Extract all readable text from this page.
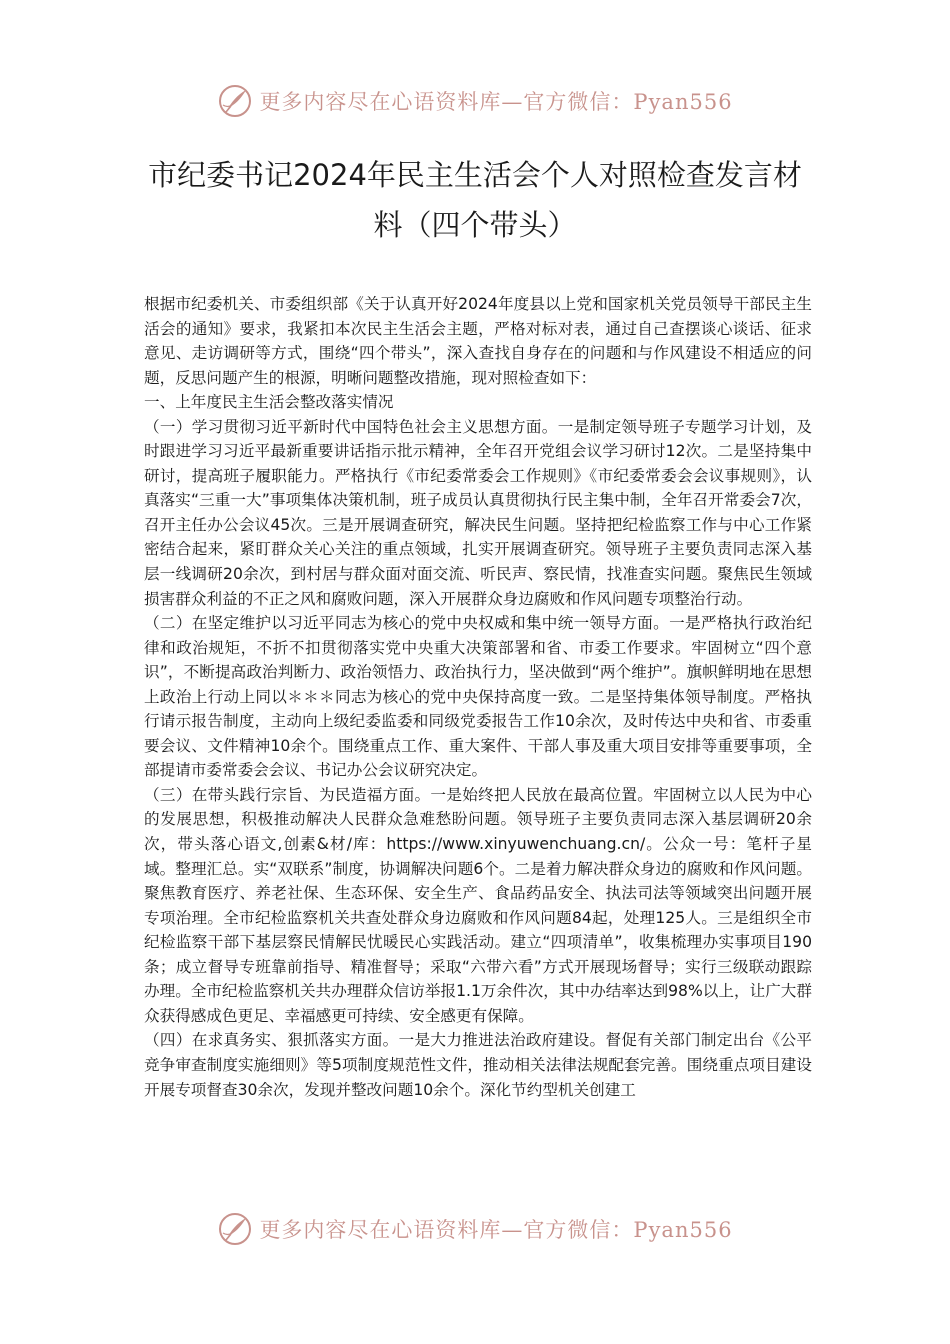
更多内容尽在心语资料库—官方微信：Pyan556
市纪委书记2024年民主生活会个人对照检查发言材料（四个带头）

根据市纪委机关、市委组织部《关于认真开好2024年度县以上党和国家机关党员领导干部民主生活会的通知》要求，我紧扣本次民主生活会主题，严格对标对表，通过自己查摆谈心谈话、征求意见、走访调研等方式，围绕“四个带头”，深入查找自身存在的问题和与作风建设不相适应的问题，反思问题产生的根源，明晰问题整改措施，现对照检查如下：

一、上年度民主生活会整改落实情况

（一）学习贯彻习近平新时代中国特色社会主义思想方面。一是制定领导班子专题学习计划，及时跟进学习习近平最新重要讲话指示批示精神，全年召开党组会议学习研讨12次。二是坚持集中研讨，提高班子履职能力。严格执行《市纪委常委会工作规则》《市纪委常委会会议事规则》，认真落实“三重一大”事项集体决策机制，班子成员认真贯彻执行民主集中制，全年召开常委会7次，召开主任办公会议45次。三是开展调查研究，解决民生问题。坚持把纪检监察工作与中心工作紧密结合起来，紧盯群众关心关注的重点领域，扎实开展调查研究。领导班子主要负责同志深入基层一线调研20余次，到村居与群众面对面交流、听民声、察民情，找准查实问题。聚焦民生领域损害群众利益的不正之风和腐败问题，深入开展群众身边腐败和作风问题专项整治行动。

（二）在坚定维护以习近平同志为核心的党中央权威和集中统一领导方面。一是严格执行政治纪律和政治规矩，不折不扣贯彻落实党中央重大决策部署和省、市委工作要求。牢固树立“四个意识”，不断提高政治判断力、政治领悟力、政治执行力，坚决做到“两个维护”。旗帜鲜明地在思想上政治上行动上同以＊＊＊同志为核心的党中央保持高度一致。二是坚持集体领导制度。严格执行请示报告制度，主动向上级纪委监委和同级党委报告工作10余次，及时传达中央和省、市委重要会议、文件精神10余个。围绕重点工作、重大案件、干部人事及重大项目安排等重要事项，全部提请市委常委会会议、书记办公会议研究决定。

（三）在带头践行宗旨、为民造福方面。一是始终把人民放在最高位置。牢固树立以人民为中心的发展思想，积极推动解决人民群众急难愁盼问题。领导班子主要负责同志深入基层调研20余次，带头落心语文,创素&材/库：https://www.xinyuwenchuang.cn/。公众一号：笔杆子星域。整理汇总。实“双联系”制度，协调解决问题6个。二是着力解决群众身边的腐败和作风问题。聚焦教育医疗、养老社保、生态环保、安全生产、食品药品安全、执法司法等领域突出问题开展专项治理。全市纪检监察机关共查处群众身边腐败和作风问题84起，处理125人。三是组织全市纪检监察干部下基层察民情解民忧暖民心实践活动。建立“四项清单”，收集梳理办实事项目190条；成立督导专班靠前指导、精准督导；采取“六带六看”方式开展现场督导；实行三级联动跟踪办理。全市纪检监察机关共办理群众信访举报1.1万余件次，其中办结率达到98%以上，让广大群众获得感成色更足、幸福感更可持续、安全感更有保障。

（四）在求真务实、狠抓落实方面。一是大力推进法治政府建设。督促有关部门制定出台《公平竞争审查制度实施细则》等5项制度规范性文件，推动相关法律法规配套完善。围绕重点项目建设开展专项督查30余次，发现并整改问题10余个。深化节约型机关创建工

更多内容尽在心语资料库—官方微信：Pyan556
